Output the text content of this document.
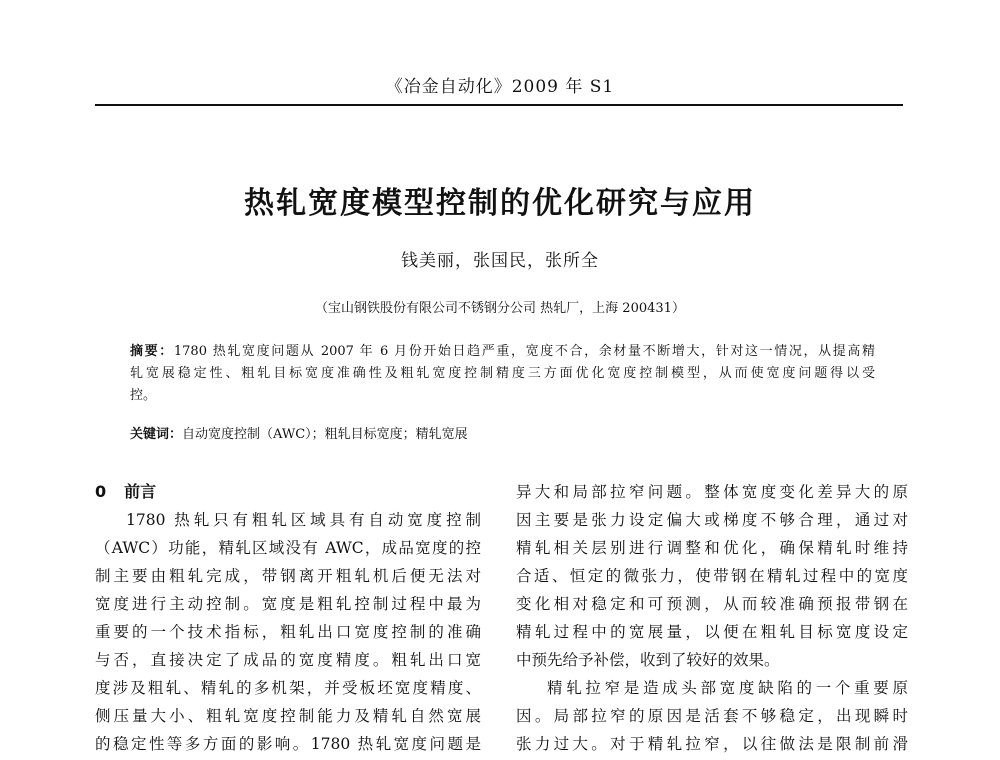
《冶金自动化》2009 年 S1
热轧宽度模型控制的优化研究与应用
钱美丽，张国民，张所全
（宝山钢铁股份有限公司不锈钢分公司 热轧厂，上海 200431）
摘要：1780 热轧宽度问题从 2007 年 6 月份开始日趋严重，宽度不合，余材量不断增大，针对这一情况，从提高精
轧宽展稳定性、粗轧目标宽度准确性及粗轧宽度控制精度三方面优化宽度控制模型，从而使宽度问题得以受
控。
关键词：自动宽度控制（AWC）；粗轧目标宽度；精轧宽展
0 前言
1780 热轧只有粗轧区域具有自动宽度控制
（AWC）功能，精轧区域没有 AWC，成品宽度的控
制主要由粗轧完成，带钢离开粗轧机后便无法对
宽度进行主动控制。宽度是粗轧控制过程中最为
重要的一个技术指标，粗轧出口宽度控制的准确
与否，直接决定了成品的宽度精度。粗轧出口宽
度涉及粗轧、精轧的多机架，并受板坯宽度精度、
侧压量大小、粗轧宽度控制能力及精轧自然宽展
的稳定性等多方面的影响。1780 热轧宽度问题是
异大和局部拉窄问题。整体宽度变化差异大的原
因主要是张力设定偏大或梯度不够合理，通过对
精轧相关层别进行调整和优化，确保精轧时维持
合适、恒定的微张力，使带钢在精轧过程中的宽度
变化相对稳定和可预测，从而较准确预报带钢在
精轧过程中的宽展量，以便在粗轧目标宽度设定
中预先给予补偿，收到了较好的效果。
精轧拉窄是造成头部宽度缺陷的一个重要原
因。局部拉窄的原因是活套不够稳定，出现瞬时
张力过大。对于精轧拉窄，以往做法是限制前滑
